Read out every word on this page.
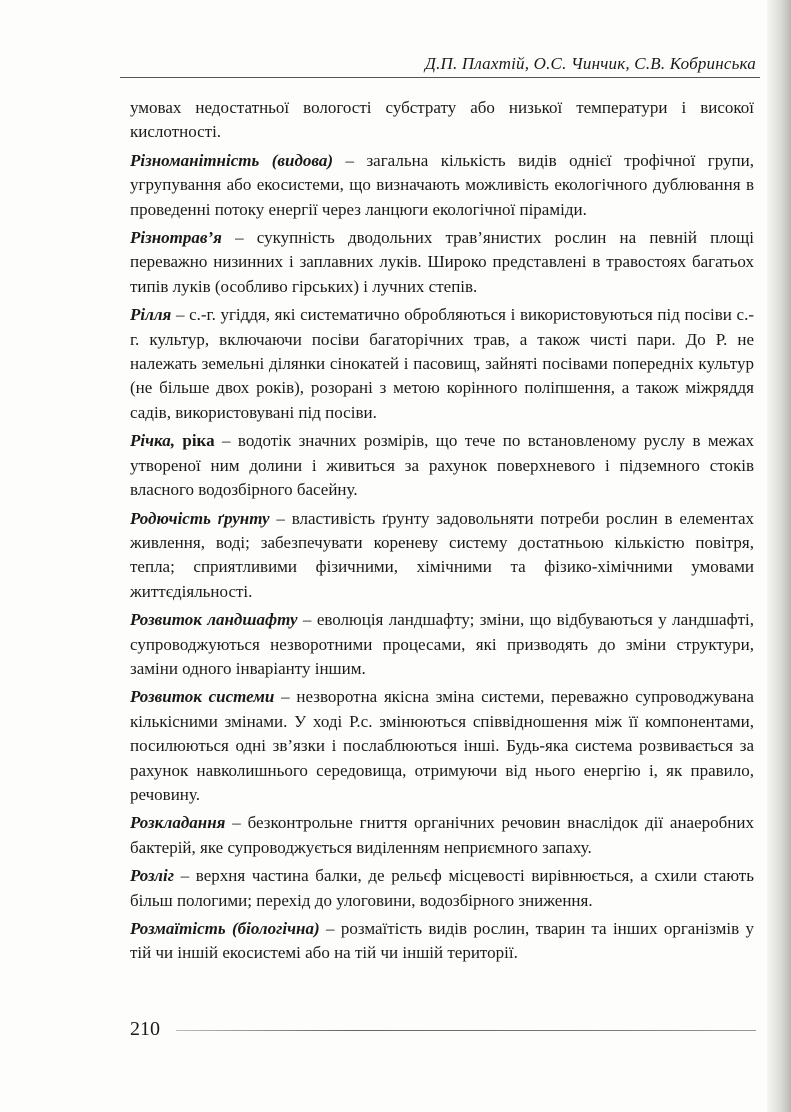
Д.П. Плахтій, О.С. Чинчик, С.В. Кобринська

умовах недостатньої вологості субстрату або низької температури і високої кислотності.

Різноманітність (видова) – загальна кількість видів однієї трофічної групи, угрупування або екосистеми, що визначають можливість екологічного дублювання в проведенні потоку енергії через ланцюги екологічної піраміди.

Різнотрав’я – сукупність дводольних трав’янистих рослин на певній площі переважно низинних і заплавних луків. Широко представлені в травостоях багатьох типів луків (особливо гірських) і лучних степів.

Рілля – с.-г. угіддя, які систематично обробляються і використовуються під посіви с.-г. культур, включаючи посіви багаторічних трав, а також чисті пари. До Р. не належать земельні ділянки сінокатей і пасовищ, зайняті посівами попередніх культур (не більше двох років), розорані з метою корінного поліпшення, а також міжряддя садів, використовувані під посіви.

Річка, ріка – водотік значних розмірів, що тече по встановленому руслу в межах утвореної ним долини і живиться за рахунок поверхневого і підземного стоків власного водозбірного басейну.

Родючість ґрунту – властивість ґрунту задовольняти потреби рослин в елементах живлення, воді; забезпечувати кореневу систему достатньою кількістю повітря, тепла; сприятливими фізичними, хімічними та фізико-хімічними умовами життєдіяльності.

Розвиток ландшафту – еволюція ландшафту; зміни, що відбуваються у ландшафті, супроводжуються незворотними процесами, які призводять до зміни структури, заміни одного інваріанту іншим.

Розвиток системи – незворотна якісна зміна системи, переважно супроводжувана кількісними змінами. У ході Р.с. змінюються співвідношення між її компонентами, посилюються одні зв’язки і послаблюються інші. Будь-яка система розвивається за рахунок навколишнього середовища, отримуючи від нього енергію і, як правило, речовину.

Розкладання – безконтрольне гниття органічних речовин внаслідок дії анаеробних бактерій, яке супроводжується виділенням неприємного запаху.

Розліг – верхня частина балки, де рельєф місцевості вирівнюється, а схили стають більш пологими; перехід до улоговини, водозбірного зниження.

Розмаїтість (біологічна) – розмаїтість видів рослин, тварин та інших організмів у тій чи іншій екосистемі або на тій чи іншій території.

210
